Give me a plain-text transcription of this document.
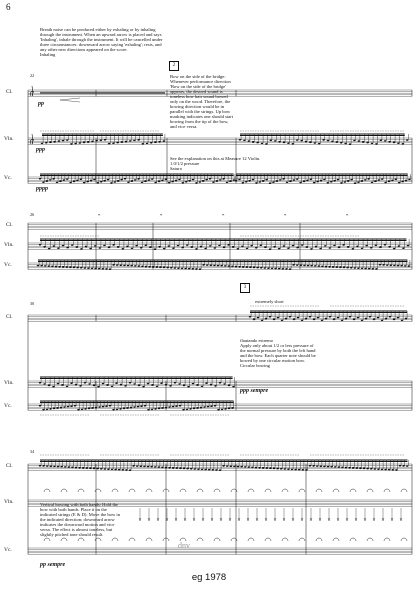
𝄐	𝄐	𝄐	𝄐	𝄐
6
eg 1978
Breath noise can be produced either by exhaling or by inhaling through the instrument. When an upward arrow is placed and says 'Inhaling', inhale through the instrument. It will be cancelled under three circumstances: downward arrow saying 'exhaling'; rests, and any other new directions appeared on the score.
Inhaling
22
2
Cl.
Vln.
Vc.
pp
ppp
pppp
Bow on the side of the bridge: Whenever performance direction 'Bow on the side of the bridge' appears, the desired sound is toneless bow hair sound bowed only on the wood. Therefore, the bowing direction would be in parallel with the strings. Up bow marking indicates one should start bowing from the tip of the bow, and vice versa.
See the explanation on this at Measure 12 Violin.
1.0/1/2 pressure
Saturo
26
Cl.
Vln.
Vc.
30
3
extremely short
Cl.
flautando estremo
Apply only about 1/2 or less pressure of the normal pressure by both the left hand and the bow. Each quarter note should be bowed by one circular motion bow.
Circular bowing
ppp sempre
Vln.
Vc.
34
Cl.
Vln.
Vc.
Vertical bowing with both hands: Hold the bow with both hands. Place it on the indicated strings (E & D). Move the bow in the indicated direction; downward arrow indicates the downward motion and vice versa. The effect is almost toneless, but slightly pitched tone should result.
dnv
pp sempre
